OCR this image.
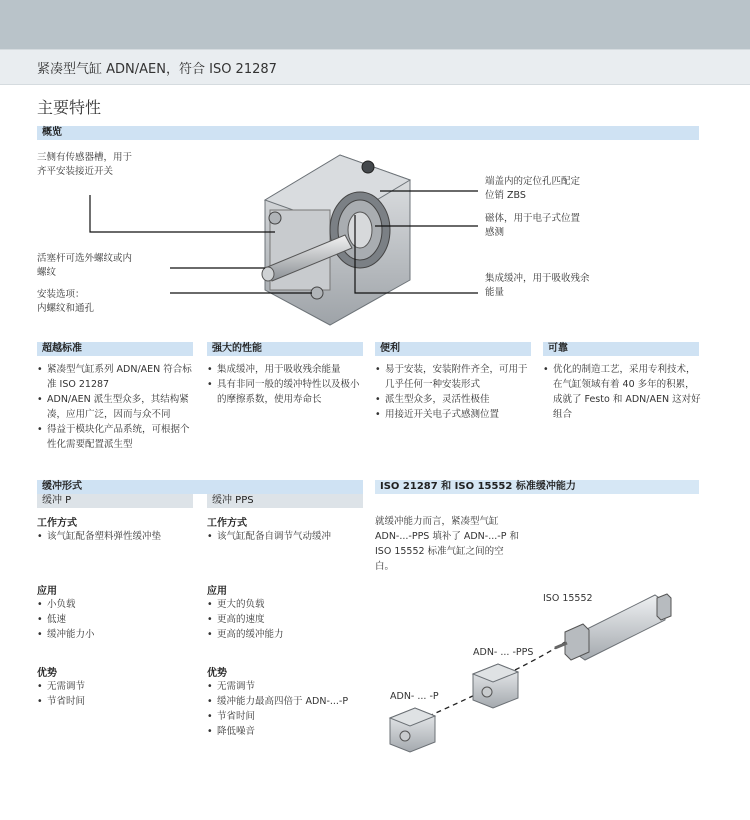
紧凑型气缸 ADN/AEN，符合 ISO 21287
主要特性
概览
三侧有传感器槽，用于
齐平安装接近开关
活塞杆可选外螺纹或内
螺纹
安装选项：
内螺纹和通孔
端盖内的定位孔匹配定
位销 ZBS
磁体，用于电子式位置
感测
集成缓冲，用于吸收残余
能量
超越标准	强大的性能	便利	可靠
• 紧凑型气缸系列 ADN/AEN 符合标准 ISO 21287
• ADN/AEN 派生型众多，其结构紧凑，应用广泛，因而与众不同
• 得益于模块化产品系统，可根据个性化需要配置派生型
• 集成缓冲，用于吸收残余能量
• 具有非同一般的缓冲特性以及极小的摩擦系数，使用寿命长
• 易于安装，安装附件齐全，可用于几乎任何一种安装形式
• 派生型众多，灵活性极佳
• 用接近开关电子式感测位置
• 优化的制造工艺，采用专利技术，在气缸领域有着 40 多年的积累，成就了 Festo 和 ADN/AEN 这对好组合
缓冲形式
缓冲 P	缓冲 PPS
工作方式
• 该气缸配备塑料弹性缓冲垫
应用
• 小负载
• 低速
• 缓冲能力小
优势
• 无需调节
• 节省时间
工作方式
• 该气缸配备自调节气动缓冲
应用
• 更大的负载
• 更高的速度
• 更高的缓冲能力
优势
• 无需调节
• 缓冲能力最高四倍于 ADN-...-P
• 节省时间
• 降低噪音
ISO 21287 和 ISO 15552 标准缓冲能力
就缓冲能力而言，紧凑型气缸
ADN-...-PPS 填补了 ADN-...-P 和
ISO 15552 标准气缸之间的空
白。
ISO 15552
ADN- ... -PPS
ADN- ... -P
